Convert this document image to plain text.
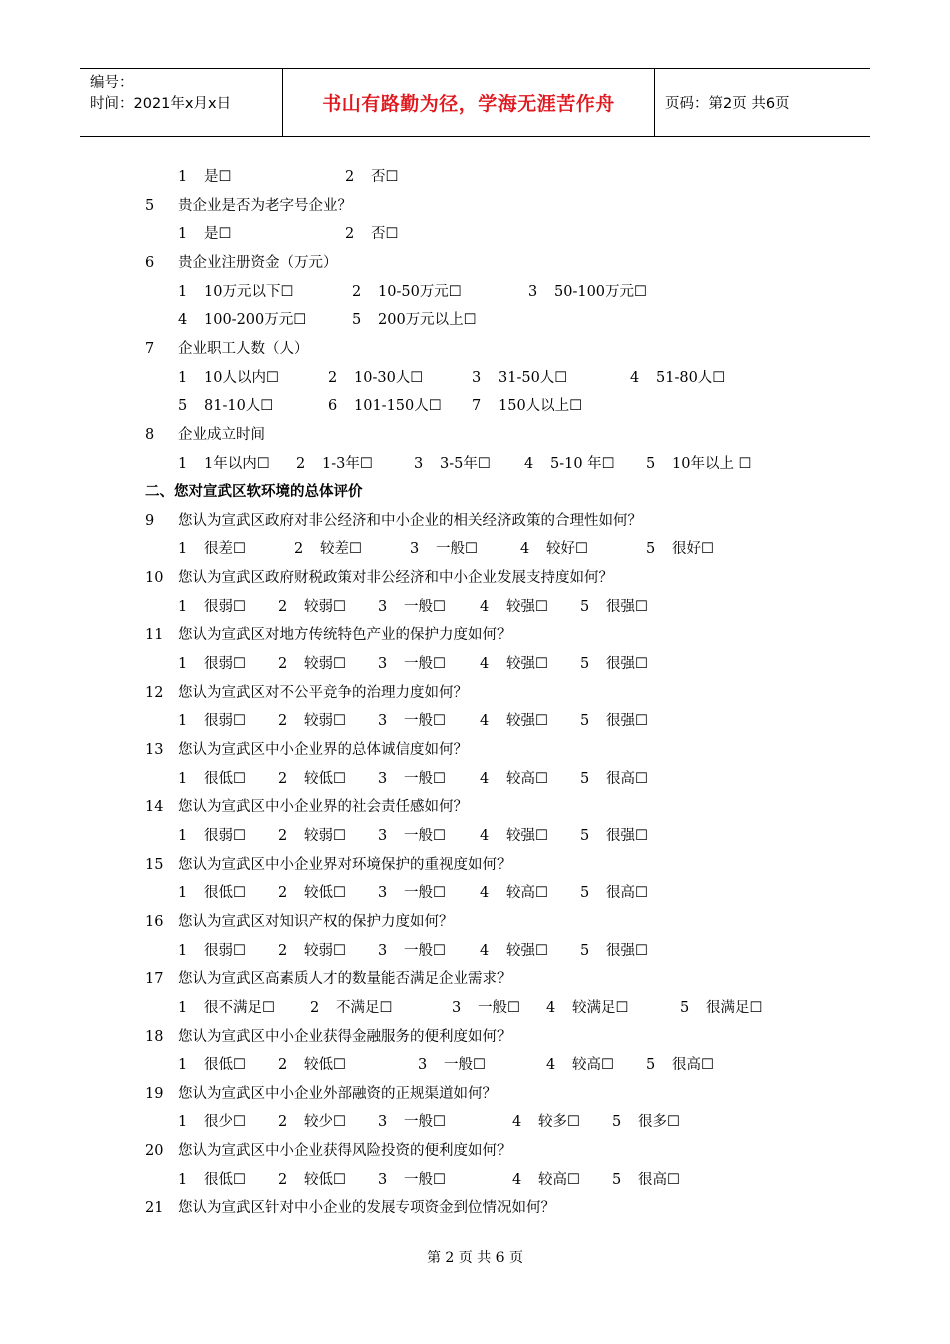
编号：
时间：2021年x月x日	书山有路勤为径，学海无涯苦作舟	页码：第2页 共6页
1 是☐	2 否☐
5 贵企业是否为老字号企业？
1 是☐	2 否☐
6 贵企业注册资金（万元）
1 10万元以下☐	2 10-50万元☐	3 50-100万元☐
4 100-200万元☐	5 200万元以上☐
7 企业职工人数（人）
1 10人以内☐	2 10-30人☐	3 31-50人☐	4 51-80人☐
5 81-10人☐	6 101-150人☐ 7 150人以上☐
8 企业成立时间
1 1年以内☐ 2 1-3年☐	3 3-5年☐ 4 5-10 年☐ 5 10年以上 ☐
二、您对宣武区软环境的总体评价
9 您认为宣武区政府对非公经济和中小企业的相关经济政策的合理性如何？
1 很差☐	2 较差☐	3 一般☐	4 较好☐	5 很好☐
10 您认为宣武区政府财税政策对非公经济和中小企业发展支持度如何？
1 很弱☐ 2 较弱☐ 3 一般☐ 4 较强☐ 5 很强☐
11 您认为宣武区对地方传统特色产业的保护力度如何？
1 很弱☐ 2 较弱☐ 3 一般☐ 4 较强☐ 5 很强☐
12 您认为宣武区对不公平竞争的治理力度如何？
1 很弱☐ 2 较弱☐ 3 一般☐ 4 较强☐ 5 很强☐
13 您认为宣武区中小企业界的总体诚信度如何？
1 很低☐ 2 较低☐ 3 一般☐ 4 较高☐ 5 很高☐
14 您认为宣武区中小企业界的社会责任感如何？
1 很弱☐ 2 较弱☐ 3 一般☐ 4 较强☐ 5 很强☐
15 您认为宣武区中小企业界对环境保护的重视度如何？
1 很低☐ 2 较低☐ 3 一般☐ 4 较高☐ 5 很高☐
16 您认为宣武区对知识产权的保护力度如何？
1 很弱☐ 2 较弱☐ 3 一般☐ 4 较强☐ 5 很强☐
17 您认为宣武区高素质人才的数量能否满足企业需求？
1 很不满足☐ 2 不满足☐	3 一般☐ 4 较满足☐	5 很满足☐
18 您认为宣武区中小企业获得金融服务的便利度如何？
1 很低☐ 2 较低☐	3 一般☐	4 较高☐ 5 很高☐
19 您认为宣武区中小企业外部融资的正规渠道如何？
1 很少☐ 2 较少☐ 3 一般☐	4 较多☐ 5 很多☐
20 您认为宣武区中小企业获得风险投资的便利度如何？
1 很低☐ 2 较低☐ 3 一般☐	4 较高☐ 5 很高☐
21 您认为宣武区针对中小企业的发展专项资金到位情况如何？
第 2 页 共 6 页
